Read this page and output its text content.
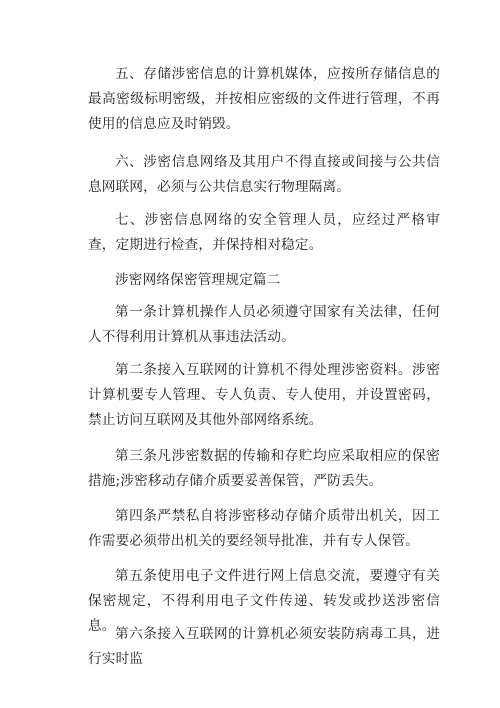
五、存储涉密信息的计算机媒体，应按所存储信息的最高密级标明密级，并按相应密级的文件进行管理，不再使用的信息应及时销毁。

六、涉密信息网络及其用户不得直接或间接与公共信息网联网，必须与公共信息实行物理隔离。

七、涉密信息网络的安全管理人员，应经过严格审查，定期进行检查，并保持相对稳定。

涉密网络保密管理规定篇二

第一条计算机操作人员必须遵守国家有关法律，任何人不得利用计算机从事违法活动。

第二条接入互联网的计算机不得处理涉密资料。涉密计算机要专人管理、专人负责、专人使用，并设置密码，禁止访问互联网及其他外部网络系统。

第三条凡涉密数据的传输和存贮均应采取相应的保密措施;涉密移动存储介质要妥善保管，严防丢失。

第四条严禁私自将涉密移动存储介质带出机关，因工作需要必须带出机关的要经领导批准，并有专人保管。

第五条使用电子文件进行网上信息交流，要遵守有关保密规定，不得利用电子文件传递、转发或抄送涉密信息。 第六条接入互联网的计算机必须安装防病毒工具，进行实时监
